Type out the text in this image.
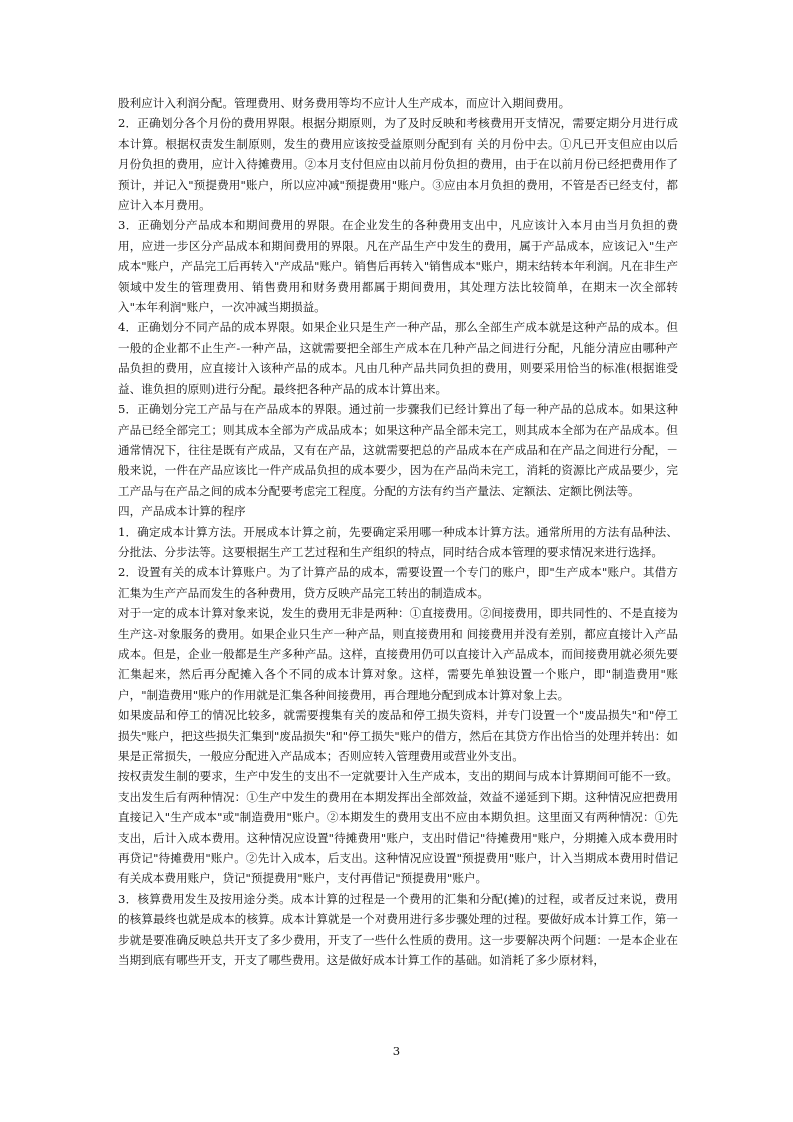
股利应计入利润分配。管理费用、财务费用等均不应计人生产成本，而应计入期间费用。

2．正确划分各个月份的费用界限。根据分期原则，为了及时反映和考核费用开支情况，需要定期分月进行成本计算。根据权责发生制原则，发生的费用应该按受益原则分配到有 关的月份中去。①凡已开支但应由以后月份负担的费用，应计入待摊费用。②本月支付但应由以前月份负担的费用，由于在以前月份已经把费用作了预计，并记入"预提费用"账户，所以应冲减"预提费用"账户。③应由本月负担的费用，不管是否已经支付，都应计入本月费用。

3．正确划分产品成本和期间费用的界限。在企业发生的各种费用支出中，凡应该计入本月由当月负担的费用，应进一步区分产品成本和期间费用的界限。凡在产品生产中发生的费用，属于产品成本，应该记入"生产成本"账户，产品完工后再转入"产成品"账户。销售后再转入"销售成本"账户，期末结转本年利润。凡在非生产领域中发生的管理费用、销售费用和财务费用都属于期间费用，其处理方法比较简单，在期末一次全部转入"本年利润"账户，一次冲减当期损益。

4．正确划分不同产品的成本界限。如果企业只是生产一种产品，那么全部生产成本就是这种产品的成本。但一般的企业都不止生产-一种产品，这就需要把全部生产成本在几种产品之间进行分配，凡能分清应由哪种产品负担的费用，应直接计入该种产品的成本。凡由几种产品共同负担的费用，则要采用恰当的标准(根据谁受益、谁负担的原则)进行分配。最终把各种产品的成本计算出来。

5．正确划分完工产品与在产品成本的界限。通过前一步骤我们已经计算出了每一种产品的总成本。如果这种产品已经全部完工；则其成本全部为产成品成本；如果这种产品全部未完工，则其成本全部为在产品成本。但通常情况下，往往是既有产成品，又有在产品，这就需要把总的产品成本在产成品和在产品之间进行分配，－般来说，一件在产品应该比一件产成品负担的成本要少，因为在产品尚未完工，消耗的资源比产成品要少，完工产品与在产品之间的成本分配要考虑完工程度。分配的方法有约当产量法、定额法、定额比例法等。

四，产品成本计算的程序

1．确定成本计算方法。开展成本计算之前，先要确定采用哪一种成本计算方法。通常所用的方法有品种法、分批法、分步法等。这要根据生产工艺过程和生产组织的特点，同时结合成本管理的要求情况来进行选择。

2．设置有关的成本计算账户。为了计算产品的成本，需要设置一个专门的账户，即"生产成本"账户。其借方汇集为生产产品而发生的各种费用，贷方反映产品完工转出的制造成本。

对于一定的成本计算对象来说，发生的费用无非是两种：①直接费用。②间接费用，即共同性的、不是直接为生产这-对象服务的费用。如果企业只生产一种产品，则直接费用和 间接费用并没有差别，都应直接计入产品成本。但是，企业一般都是生产多种产品。这样，直接费用仍可以直接计入产品成本，而间接费用就必须先要汇集起来，然后再分配摊入各个不同的成本计算对象。这样，需要先单独设置一个账户，即"制造费用"账户，"制造费用"账户的作用就是汇集各种间接费用，再合理地分配到成本计算对象上去。

如果废品和停工的情况比较多，就需要搜集有关的废品和停工损失资料，并专门设置一个"废品损失"和"停工损失"账户，把这些损失汇集到"废品损失"和"停工损失"账户的借方，然后在其贷方作出恰当的处理并转出：如果是正常损失，一般应分配进入产品成本；否则应转入管理费用或营业外支出。

按权责发生制的要求，生产中发生的支出不一定就要计入生产成本，支出的期间与成本计算期间可能不一致。支出发生后有两种情况：①生产中发生的费用在本期发挥出全部效益，效益不递延到下期。这种情况应把费用直接记入"生产成本"或"制造费用"账户。②本期发生的费用支出不应由本期负担。这里面又有两种情况：①先支出，后计入成本费用。这种情况应设置"待摊费用"账户，支出时借记"待摊费用"账户，分期摊入成本费用时再贷记"待摊费用"账户。②先计入成本，后支出。这种情况应设置"预提费用"账户，计入当期成本费用时借记有关成本费用账户，贷记"预提费用"账户，支付再借记"预提费用"账户。

3．核算费用发生及按用途分类。成本计算的过程是一个费用的汇集和分配(摊)的过程，或者反过来说，费用的核算最终也就是成本的核算。成本计算就是一个对费用进行多步骤处理的过程。要做好成本计算工作，第一步就是要准确反映总共开支了多少费用，开支了一些什么性质的费用。这一步要解决两个问题：一是本企业在当期到底有哪些开支，开支了哪些费用。这是做好成本计算工作的基础。如消耗了多少原材料，

3
